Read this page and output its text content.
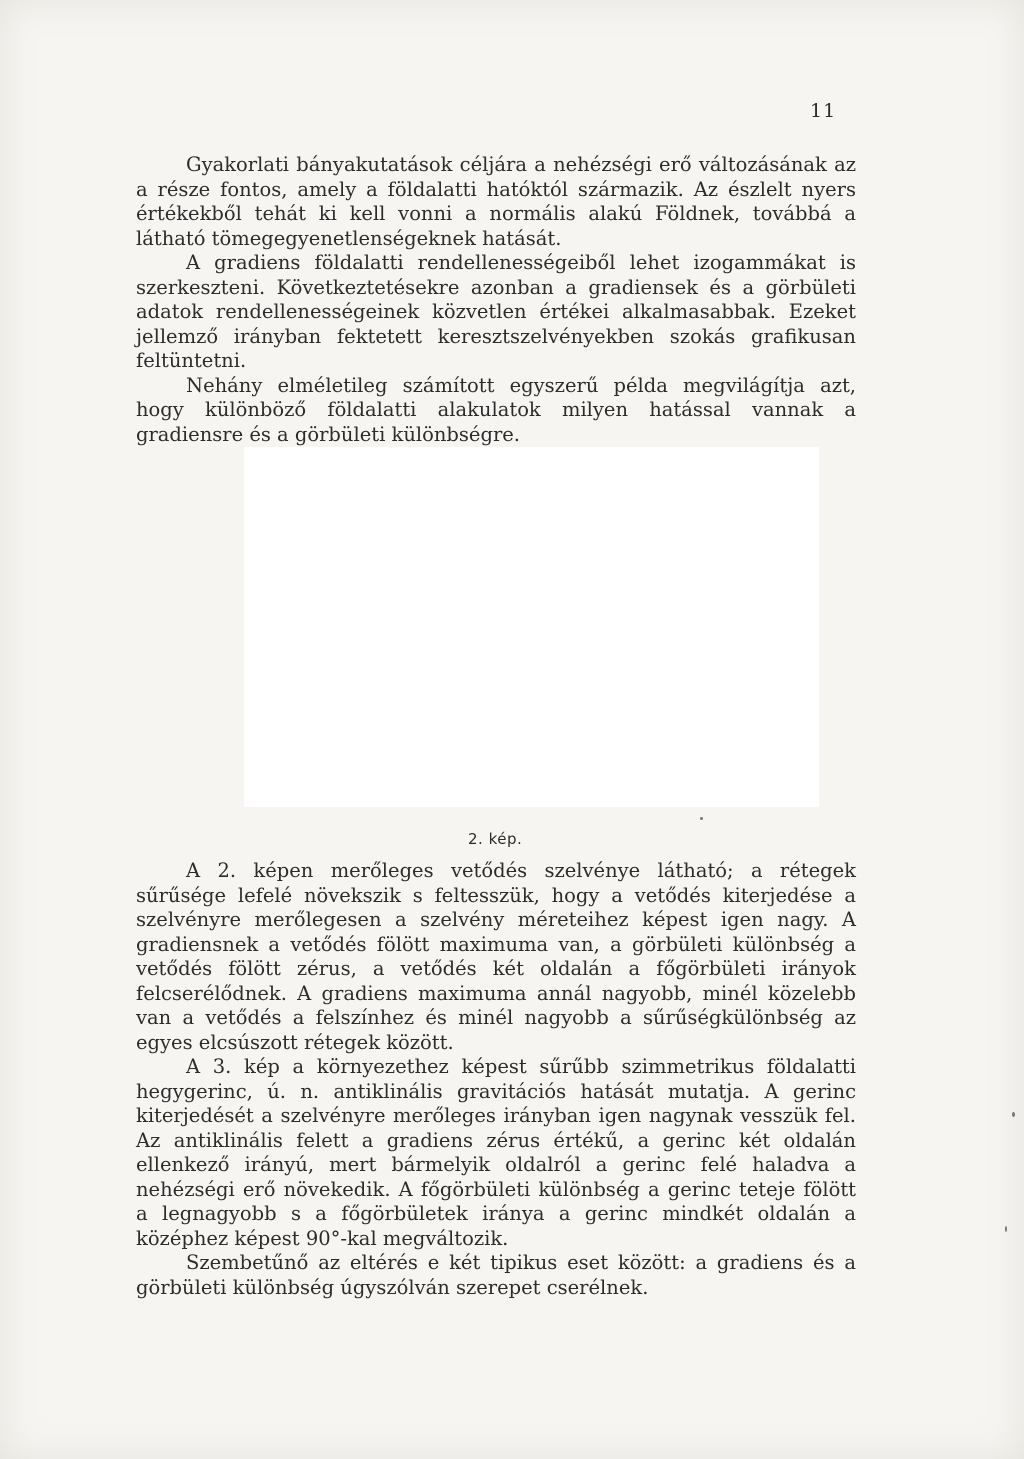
11

Gyakorlati bányakutatások céljára a nehézségi erő változásának az a része fontos, amely a földalatti hatóktól származik. Az észlelt nyers értékekből tehát ki kell vonni a normális alakú Földnek, továbbá a látható tömegegyenetlenségeknek hatását.

A gradiens földalatti rendellenességeiből lehet izogammákat is szerkeszteni. Következtetésekre azonban a gradiensek és a görbületi adatok rendellenességeinek közvetlen értékei alkalmasabbak. Ezeket jellemző irányban fektetett keresztszelvényekben szokás grafikusan feltüntetni.

Nehány elméletileg számított egyszerű példa megvilágítja azt, hogy különböző földalatti alakulatok milyen hatással vannak a gradiensre és a görbületi különbségre.

2. kép.

A 2. képen merőleges vetődés szelvénye látható; a rétegek sűrűsége lefelé növekszik s feltesszük, hogy a vetődés kiterjedése a szelvényre merőlegesen a szelvény méreteihez képest igen nagy. A gradiensnek a vetődés fölött maximuma van, a görbületi különbség a vetődés fölött zérus, a vetődés két oldalán a főgörbületi irányok felcserélődnek. A gradiens maximuma annál nagyobb, minél közelebb van a vetődés a felszínhez és minél nagyobb a sűrűségkülönbség az egyes elcsúszott rétegek között.

A 3. kép a környezethez képest sűrűbb szimmetrikus földalatti hegygerinc, ú. n. antiklinális gravitációs hatását mutatja. A gerinc kiterjedését a szelvényre merőleges irányban igen nagynak vesszük fel. Az antiklinális felett a gradiens zérus értékű, a gerinc két oldalán ellenkező irányú, mert bármelyik oldalról a gerinc felé haladva a nehézségi erő növekedik. A főgörbületi különbség a gerinc teteje fölött a legnagyobb s a főgörbületek iránya a gerinc mindkét oldalán a középhez képest 90°-kal megváltozik.

Szembetűnő az eltérés e két tipikus eset között: a gradiens és a görbületi különbség úgyszólván szerepet cserélnek.
